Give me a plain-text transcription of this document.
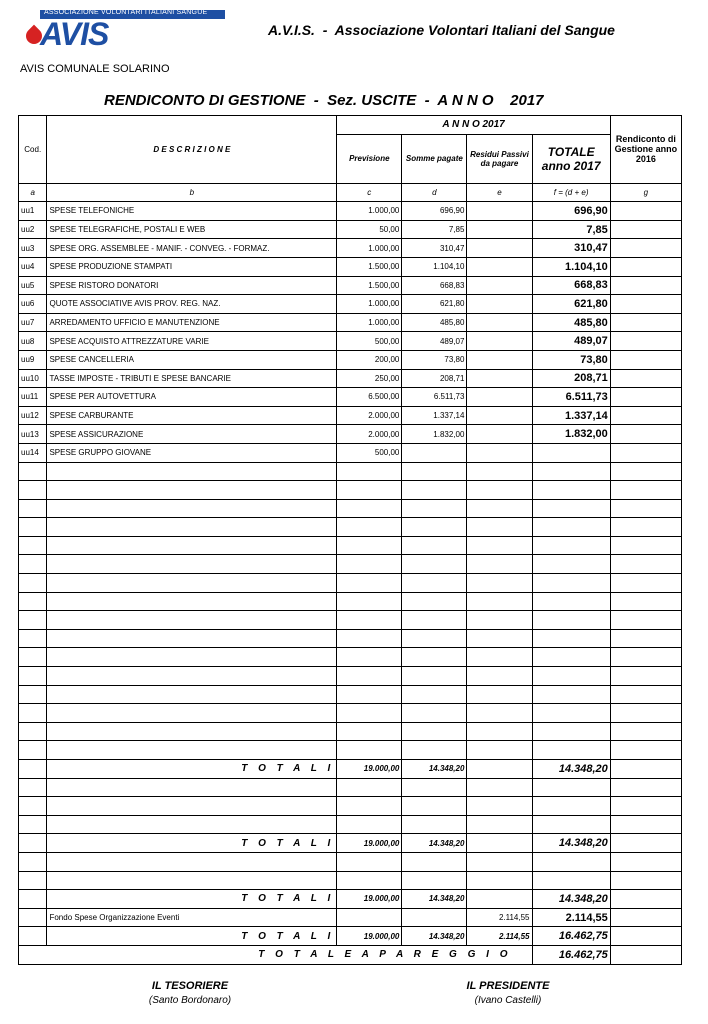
ASSOCIAZIONE VOLONTARI ITALIANI SANGUE
AVIS	A.V.I.S.  -  Associazione Volontari Italiani del Sangue
AVIS COMUNALE SOLARINO
RENDICONTO DI GESTIONE  -  Sez. USCITE  -  A N N O    2017
Cod.	D E S C R I Z I O N E	A N N O 2017				Rendiconto di Gestione anno 2016
		Previsione	Somme pagate	Residui Passivi da pagare	TOTALE anno 2017	
a	b	c	d	e	f = (d + e)	g
uu1	SPESE TELEFONICHE	1.000,00	696,90		696,90	
uu2	SPESE TELEGRAFICHE, POSTALI E WEB	50,00	7,85		7,85	
uu3	SPESE ORG. ASSEMBLEE - MANIF. - CONVEG. - FORMAZ.	1.000,00	310,47		310,47	
uu4	SPESE PRODUZIONE STAMPATI	1.500,00	1.104,10		1.104,10	
uu5	SPESE RISTORO DONATORI	1.500,00	668,83		668,83	
uu6	QUOTE ASSOCIATIVE AVIS PROV. REG. NAZ.	1.000,00	621,80		621,80	
uu7	ARREDAMENTO UFFICIO E MANUTENZIONE	1.000,00	485,80		485,80	
uu8	SPESE ACQUISTO ATTREZZATURE VARIE	500,00	489,07		489,07	
uu9	SPESE CANCELLERIA	200,00	73,80		73,80	
uu10	TASSE IMPOSTE - TRIBUTI E SPESE BANCARIE	250,00	208,71		208,71	
uu11	SPESE PER AUTOVETTURA	6.500,00	6.511,73		6.511,73	
uu12	SPESE CARBURANTE	2.000,00	1.337,14		1.337,14	
uu13	SPESE ASSICURAZIONE	2.000,00	1.832,00		1.832,00	
uu14	SPESE GRUPPO GIOVANE	500,00				

	T O T A L I	19.000,00	14.348,20		14.348,20	

	T O T A L I	19.000,00	14.348,20		14.348,20	

	T O T A L I	19.000,00	14.348,20		14.348,20	
	Fondo Spese Organizzazione Eventi			2.114,55	2.114,55	
	T O T A L I	19.000,00	14.348,20	2.114,55	16.462,75	
T O T A L E A P A R E G G I O					16.462,75	
IL TESORIERE
(Santo Bordonaro)
IL PRESIDENTE
(Ivano Castelli)
